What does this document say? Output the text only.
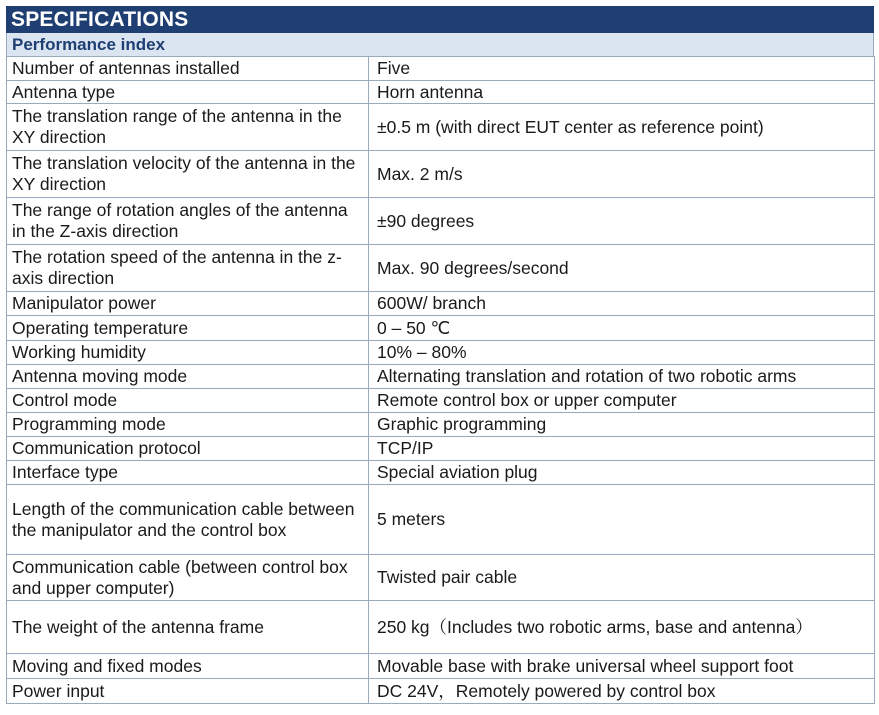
SPECIFICATIONS
Performance index
Number of antennas installed	Five
Antenna type	Horn antenna
The translation range of the antenna in the XY direction	±0.5 m (with direct EUT center as reference point)
The translation velocity of the antenna in the XY direction	Max. 2 m/s
The range of rotation angles of the antenna in the Z-axis direction	±90 degrees
The rotation speed of the antenna in the z-axis direction	Max. 90 degrees/second
Manipulator power	600W/ branch
Operating temperature	0 – 50 ℃
Working humidity	10% – 80%
Antenna moving mode	Alternating translation and rotation of two robotic arms
Control mode	Remote control box or upper computer
Programming mode	Graphic programming
Communication protocol	TCP/IP
Interface type	Special aviation plug
Length of the communication cable between the manipulator and the control box	5 meters
Communication cable (between control box and upper computer)	Twisted pair cable
The weight of the antenna frame	250 kg（Includes two robotic arms, base and antenna）
Moving and fixed modes	Movable base with brake universal wheel support foot
Power input	DC 24V，Remotely powered by control box
